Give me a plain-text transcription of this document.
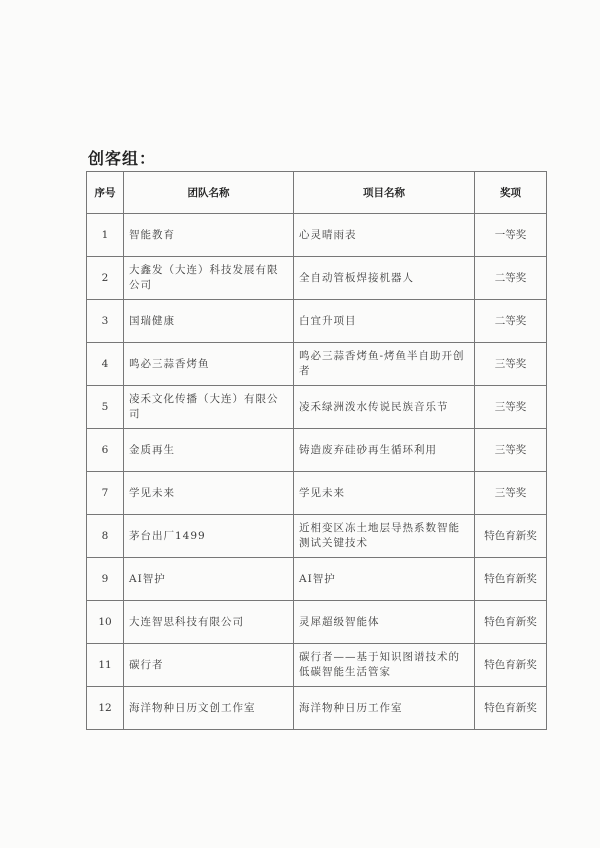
创客组：
序号	团队名称	项目名称	奖项
1	智能教育	心灵晴雨表	一等奖
2	大鑫发（大连）科技发展有限公司	全自动管板焊接机器人	二等奖
3	国瑞健康	白宜升项目	二等奖
4	鸣必三蒜香烤鱼	鸣必三蒜香烤鱼-烤鱼半自助开创者	三等奖
5	凌禾文化传播（大连）有限公司	凌禾绿洲泼水传说民族音乐节	三等奖
6	金质再生	铸造废弃硅砂再生循环利用	三等奖
7	学见未来	学见未来	三等奖
8	茅台出厂1499	近相变区冻土地层导热系数智能测试关键技术	特色育新奖
9	AI智护	AI智护	特色育新奖
10	大连智思科技有限公司	灵犀超级智能体	特色育新奖
11	碳行者	碳行者——基于知识图谱技术的低碳智能生活管家	特色育新奖
12	海洋物种日历文创工作室	海洋物种日历工作室	特色育新奖
